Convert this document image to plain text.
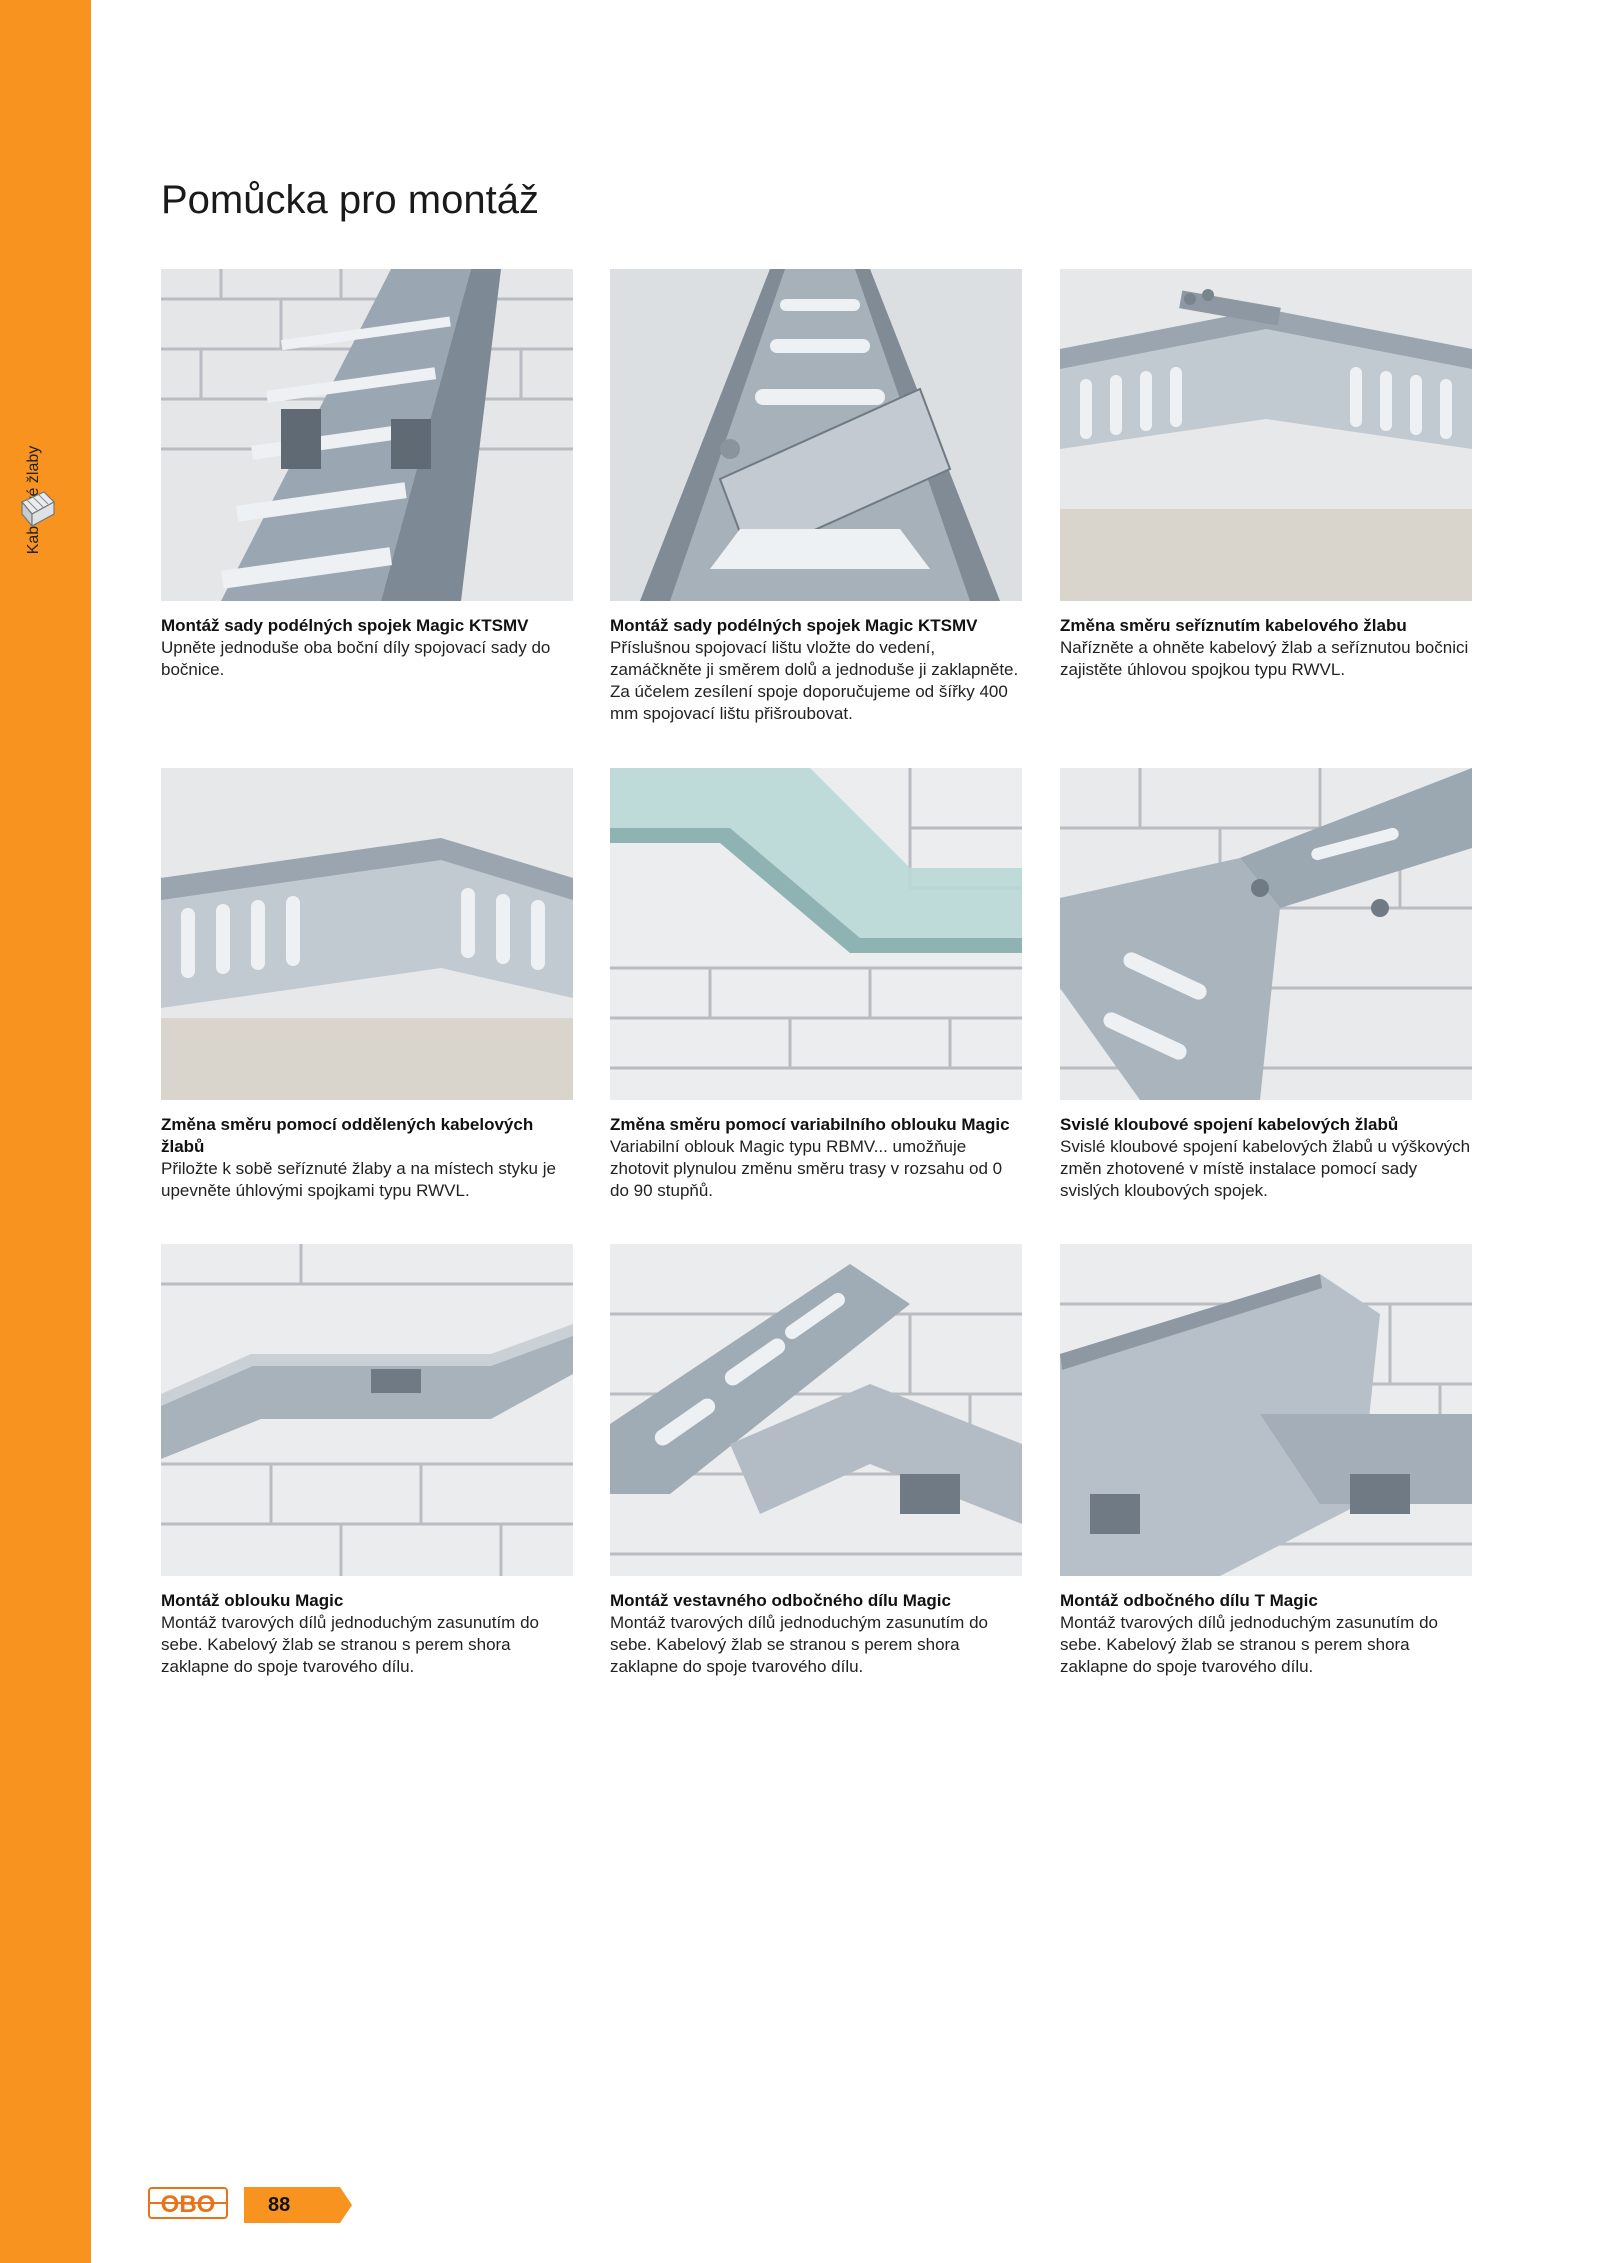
Pomůcka pro montáž
Montáž sady podélných spojek Magic KTSMV
Upněte jednoduše oba boční díly spojovací sady do bočnice.
Montáž sady podélných spojek Magic KTSMV
Příslušnou spojovací lištu vložte do vedení, zamáčkněte ji směrem dolů a jednoduše ji zaklapněte. Za účelem zesílení spoje doporučujeme od šířky 400 mm spojovací lištu přišroubovat.
Změna směru seříznutím kabelového žlabu
Nařízněte a ohněte kabelový žlab a seříznutou bočnici zajistěte úhlovou spojkou typu RWVL.
Změna směru pomocí oddělených kabelových žlabů
Přiložte k sobě seříznuté žlaby a na místech styku je upevněte úhlovými spojkami typu RWVL.
Změna směru pomocí variabilního oblouku Magic
Variabilní oblouk Magic typu RBMV... umožňuje zhotovit plynulou změnu směru trasy v rozsahu od 0 do 90 stupňů.
Svislé kloubové spojení kabelových žlabů
Svislé kloubové spojení kabelových žlabů u výškových změn zhotovené v místě instalace pomocí sady svislých kloubových spojek.
Montáž oblouku Magic
Montáž tvarových dílů jednoduchým zasunutím do sebe. Kabelový žlab se stranou s perem shora zaklapne do spoje tvarového dílu.
Montáž vestavného odbočného dílu Magic
Montáž tvarových dílů jednoduchým zasunutím do sebe. Kabelový žlab se stranou s perem shora zaklapne do spoje tvarového dílu.
Montáž odbočného dílu T Magic
Montáž tvarových dílů jednoduchým zasunutím do sebe. Kabelový žlab se stranou s perem shora zaklapne do spoje tvarového dílu.
OBO	88
